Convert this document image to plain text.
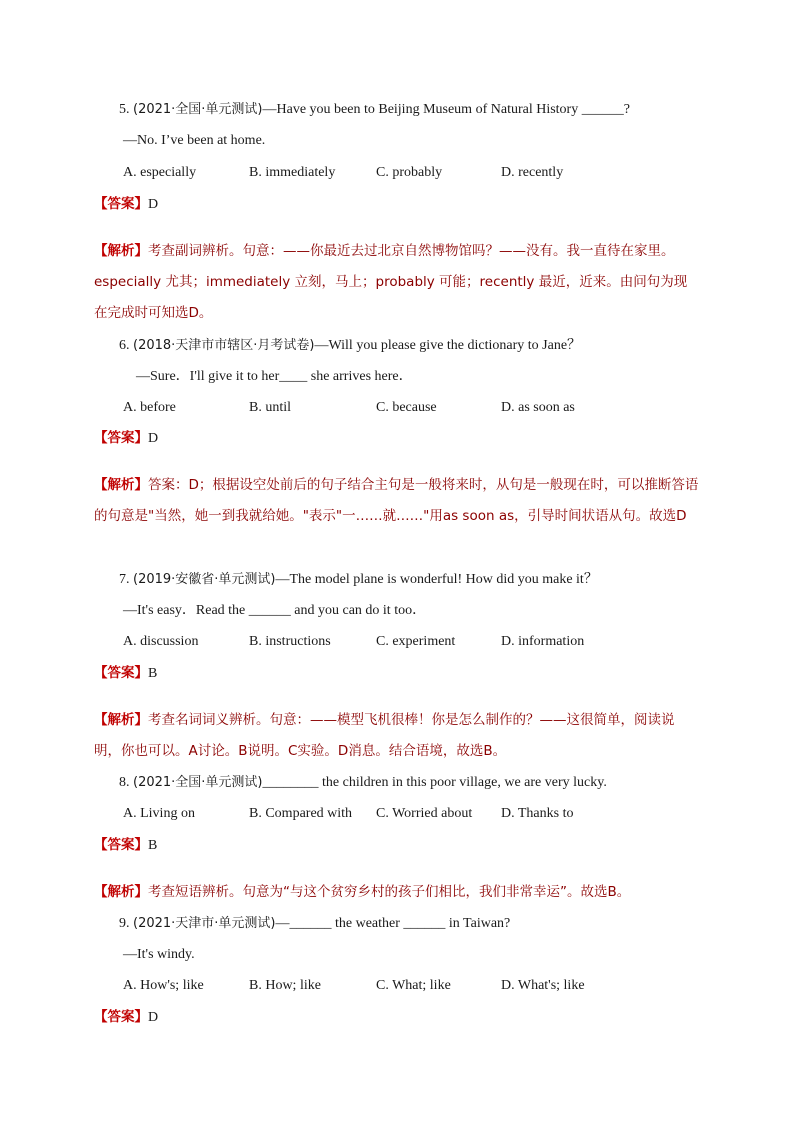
5. (2021·全国·单元测试)—Have you been to Beijing Museum of Natural History ______?
—No. I’ve been at home.
A. especially	B. immediately	C. probably	D. recently
【答案】D
【解析】考查副词辨析。句意：——你最近去过北京自然博物馆吗？——没有。我一直待在家里。especially 尤其；immediately 立刻，马上；probably 可能；recently 最近，近来。由问句为现在完成时可知选D。
6. (2018·天津市市辖区·月考试卷)—Will you please give the dictionary to Jane？
—Sure．I'll give it to her____ she arrives here．
A. before	B. until	C. because	D. as soon as
【答案】D
【解析】答案：D；根据设空处前后的句子结合主句是一般将来时，从句是一般现在时，可以推断答语的句意是"当然，她一到我就给她。"表示"一……就……"用as soon as，引导时间状语从句。故选D
7. (2019·安徽省·单元测试)—The model plane is wonderful! How did you make it？
—It's easy．Read the ______ and you can do it too．
A. discussion	B. instructions	C. experiment	D. information
【答案】B
【解析】考查名词词义辨析。句意：——模型飞机很棒！你是怎么制作的？——这很简单，阅读说明，你也可以。A讨论。B说明。C实验。D消息。结合语境，故选B。
8. (2021·全国·单元测试)________ the children in this poor village, we are very lucky.
A. Living on	B. Compared with C. Worried about D. Thanks to
【答案】B
【解析】考查短语辨析。句意为“与这个贫穷乡村的孩子们相比，我们非常幸运”。故选B。
9. (2021·天津市·单元测试)—______ the weather ______ in Taiwan?
—It's windy.
A. How's; like	B. How; like	C. What; like	D. What's; like
【答案】D
